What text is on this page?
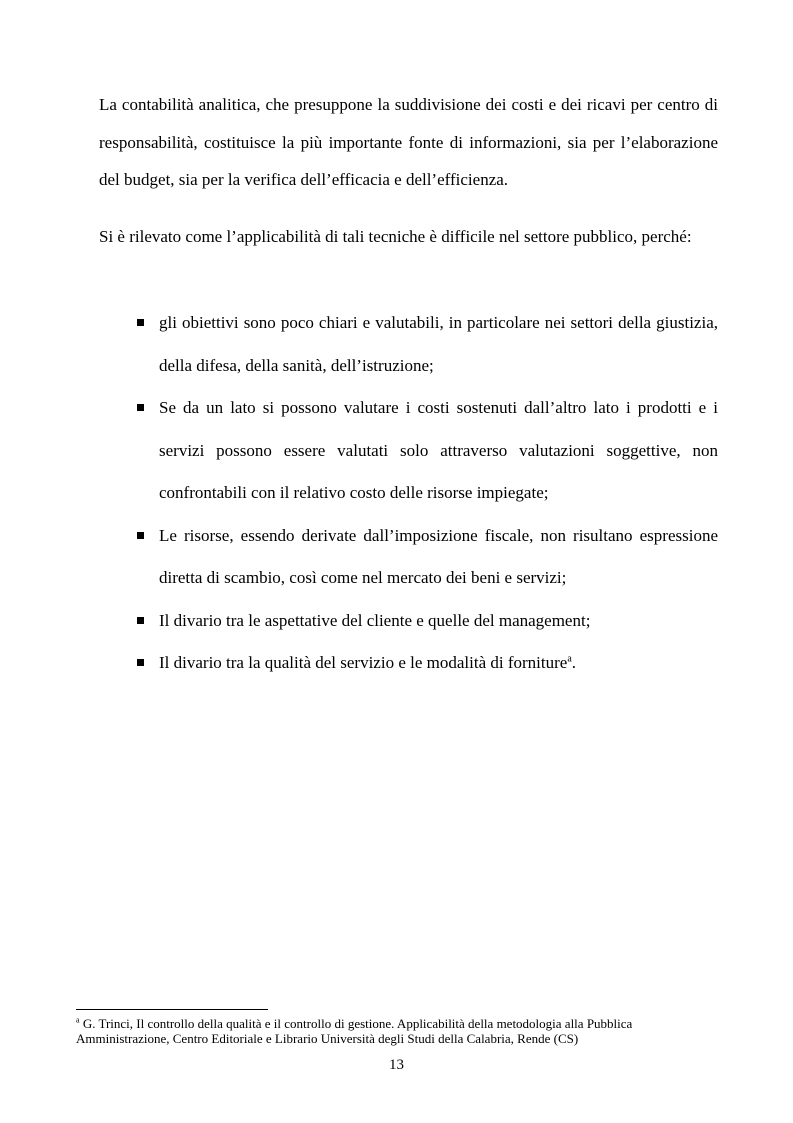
La contabilità analitica, che presuppone la suddivisione dei costi e dei ricavi per centro di responsabilità, costituisce la più importante fonte di informazioni, sia per l’elaborazione del budget, sia per la verifica dell’efficacia e dell’efficienza.

Si è rilevato come l’applicabilità di tali tecniche è difficile nel settore pubblico, perché:

gli obiettivi sono poco chiari e valutabili, in particolare nei settori della giustizia, della difesa, della sanità, dell’istruzione;
Se da un lato si possono valutare i costi sostenuti dall’altro lato i prodotti e i servizi possono essere valutati solo attraverso valutazioni soggettive, non confrontabili con il relativo costo delle risorse impiegate;
Le risorse, essendo derivate dall’imposizione fiscale, non risultano espressione diretta di scambio, così come nel mercato dei beni e servizi;
Il divario tra le aspettative del cliente e quelle del management;
Il divario tra la qualità del servizio e le modalità di forniture$^a$.

$^a$ G. Trinci, Il controllo della qualità e il controllo di gestione. Applicabilità della metodologia alla Pubblica Amministrazione, Centro Editoriale e Librario Università degli Studi della Calabria, Rende (CS)

13
